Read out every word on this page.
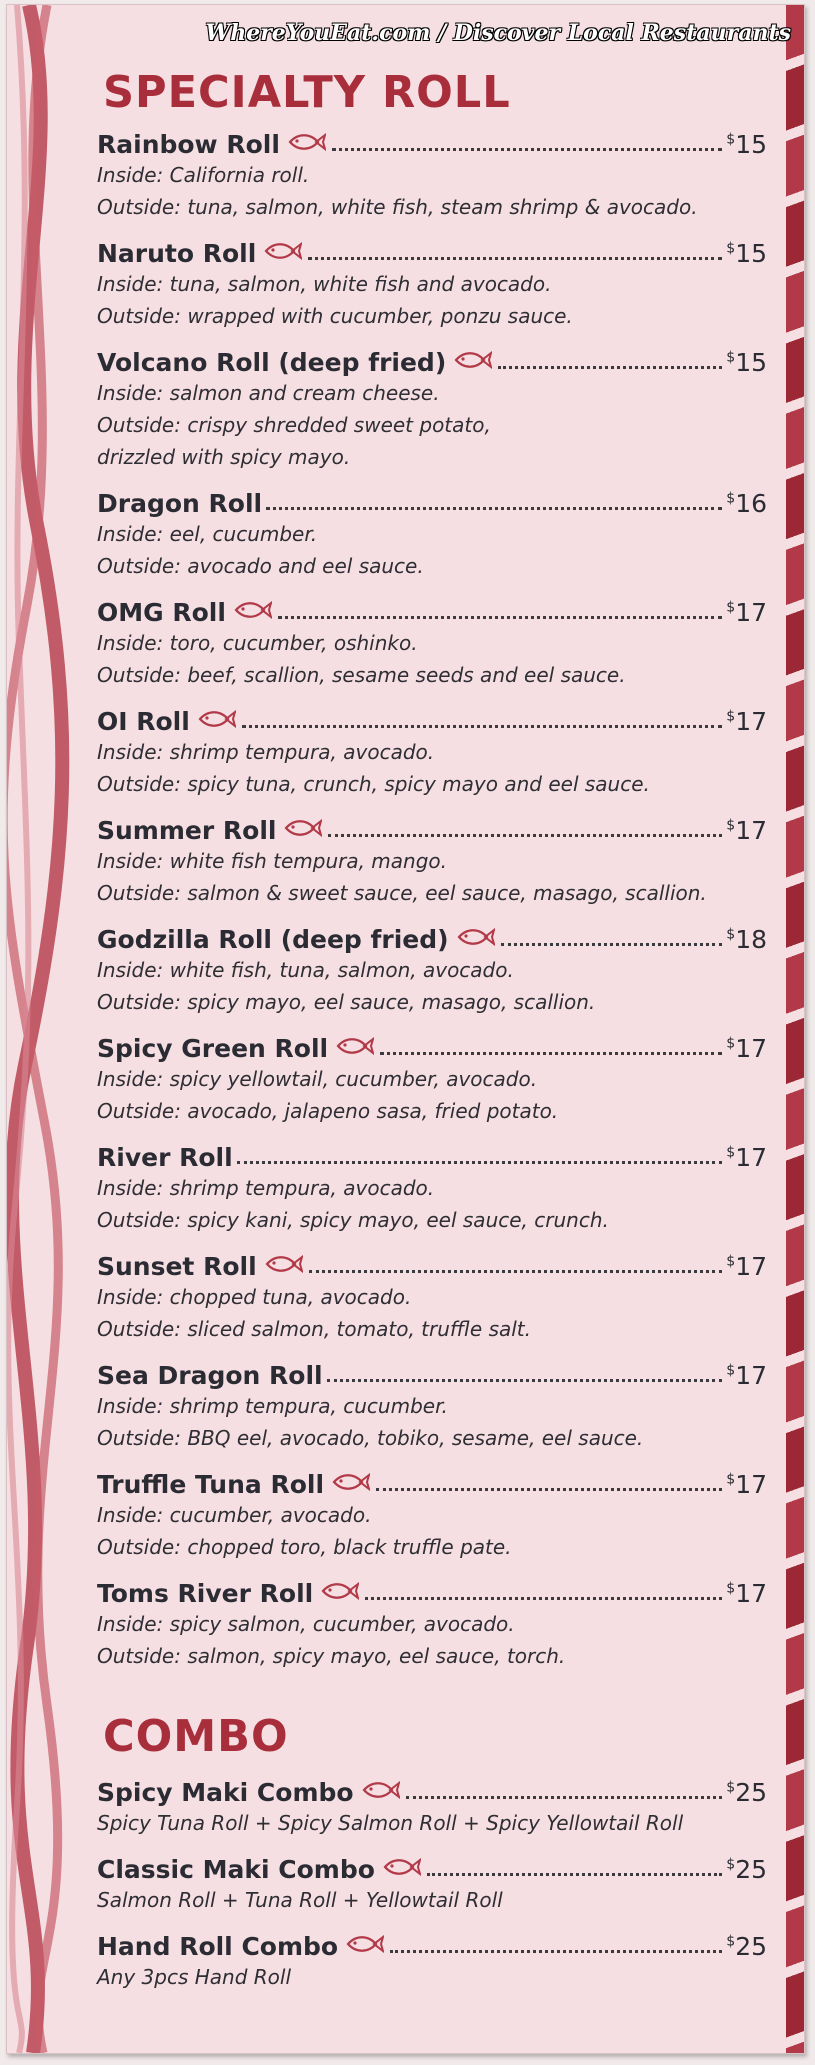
SPECIALTY ROLL
Rainbow Roll	$15
Inside: California roll.
Outside: tuna, salmon, white fish, steam shrimp & avocado.
Naruto Roll	$15
Inside: tuna, salmon, white fish and avocado.
Outside: wrapped with cucumber, ponzu sauce.
Volcano Roll (deep fried)	$15
Inside: salmon and cream cheese.
Outside: crispy shredded sweet potato,
drizzled with spicy mayo.
Dragon Roll	$16
Inside: eel, cucumber.
Outside: avocado and eel sauce.
OMG Roll	$17
Inside: toro, cucumber, oshinko.
Outside: beef, scallion, sesame seeds and eel sauce.
OI Roll	$17
Inside: shrimp tempura, avocado.
Outside: spicy tuna, crunch, spicy mayo and eel sauce.
Summer Roll	$17
Inside: white fish tempura, mango.
Outside: salmon & sweet sauce, eel sauce, masago, scallion.
Godzilla Roll (deep fried)	$18
Inside: white fish, tuna, salmon, avocado.
Outside: spicy mayo, eel sauce, masago, scallion.
Spicy Green Roll	$17
Inside: spicy yellowtail, cucumber, avocado.
Outside: avocado, jalapeno sasa, fried potato.
River Roll	$17
Inside: shrimp tempura, avocado.
Outside: spicy kani, spicy mayo, eel sauce, crunch.
Sunset Roll	$17
Inside: chopped tuna, avocado.
Outside: sliced salmon, tomato, truffle salt.
Sea Dragon Roll	$17
Inside: shrimp tempura, cucumber.
Outside: BBQ eel, avocado, tobiko, sesame, eel sauce.
Truffle Tuna Roll	$17
Inside: cucumber, avocado.
Outside: chopped toro, black truffle pate.
Toms River Roll	$17
Inside: spicy salmon, cucumber, avocado.
Outside: salmon, spicy mayo, eel sauce, torch.
COMBO
Spicy Maki Combo	$25
Spicy Tuna Roll + Spicy Salmon Roll + Spicy Yellowtail Roll
Classic Maki Combo	$25
Salmon Roll + Tuna Roll + Yellowtail Roll
Hand Roll Combo	$25
Any 3pcs Hand Roll
WhereYouEat.com / Discover Local Restaurants
